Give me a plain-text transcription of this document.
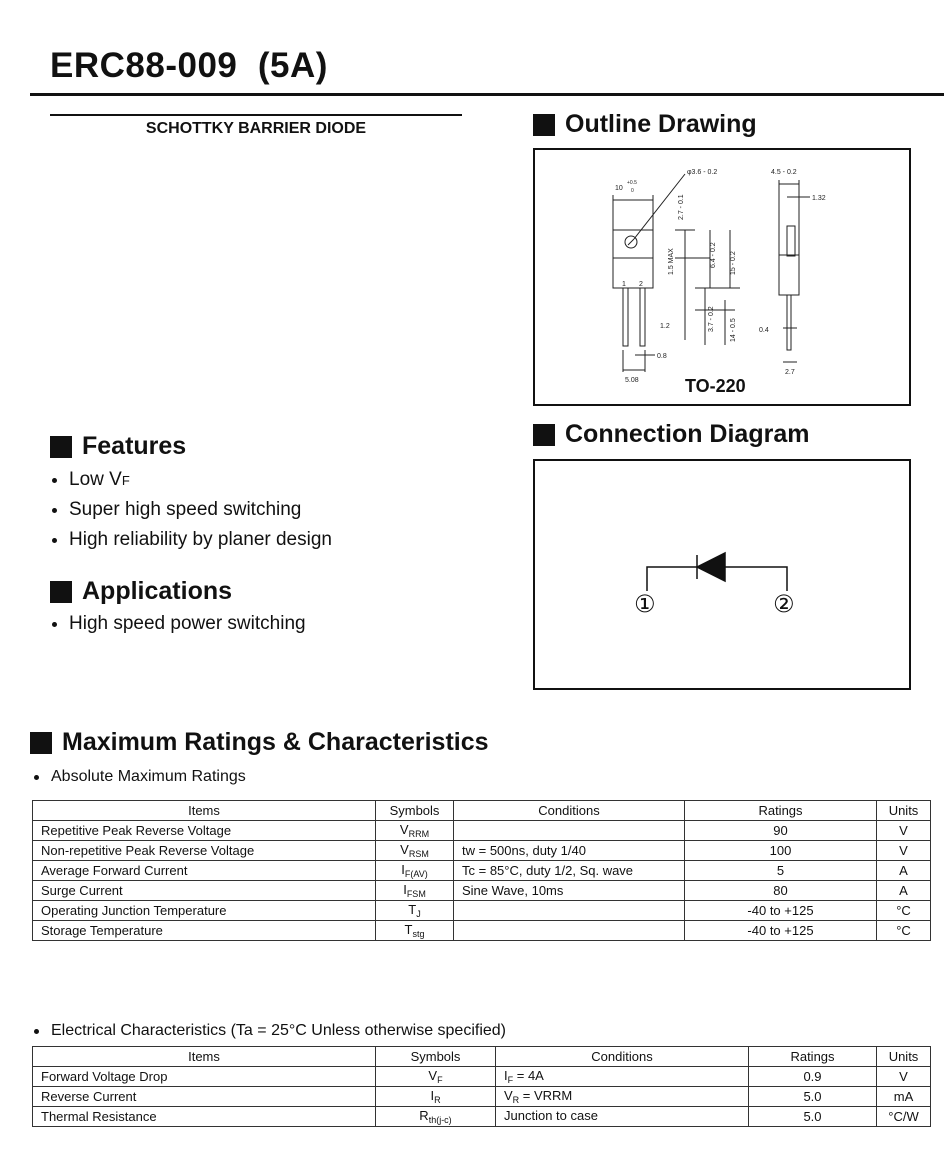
ERC88-009  (5A)
SCHOTTKY BARRIER DIODE	Outline Drawing
10
+0.5
0
φ3.6 - 0.2
2.7 - 0.1
6.4 - 0.2 15 - 0.2
1.5 MAX
3.7 - 0.2 14 - 0.5
1.2
0.8
5.08
4.5 - 0.2
1.32
0.4
2.7
1 2
TO-220
Connection Diagram
①	②
Features
Low V F
Super high speed switching
High reliability by planer design
Applications
High speed power switching
Maximum Ratings & Characteristics
Absolute Maximum Ratings
Items	Symbols	Conditions	Ratings	Units
Repetitive Peak Reverse Voltage	$V_{RRM}$		90	V
Non-repetitive Peak Reverse Voltage	$V_{RSM}$	tw = 500ns, duty 1/40	100	V
Average Forward Current	$I_{F(AV)}$	Tc = 85°C, duty 1/2, Sq. wave	5	A
Surge Current	$I_{FSM}$	Sine Wave, 10ms	80	A
Operating Junction Temperature	$T_J$		-40 to +125	°C
Storage Temperature	$T_{stg}$		-40 to +125	°C
Electrical Characteristics (Ta = 25°C Unless otherwise specified)
Items	Symbols	Conditions	Ratings	Units
Forward Voltage Drop	$V_F$	$I_F = 4A$	0.9	V
Reverse Current	$I_R$	$V_R$ = VRRM	5.0	mA
Thermal Resistance	$R_{th(j-c)}$	Junction to case	5.0	°C/W
